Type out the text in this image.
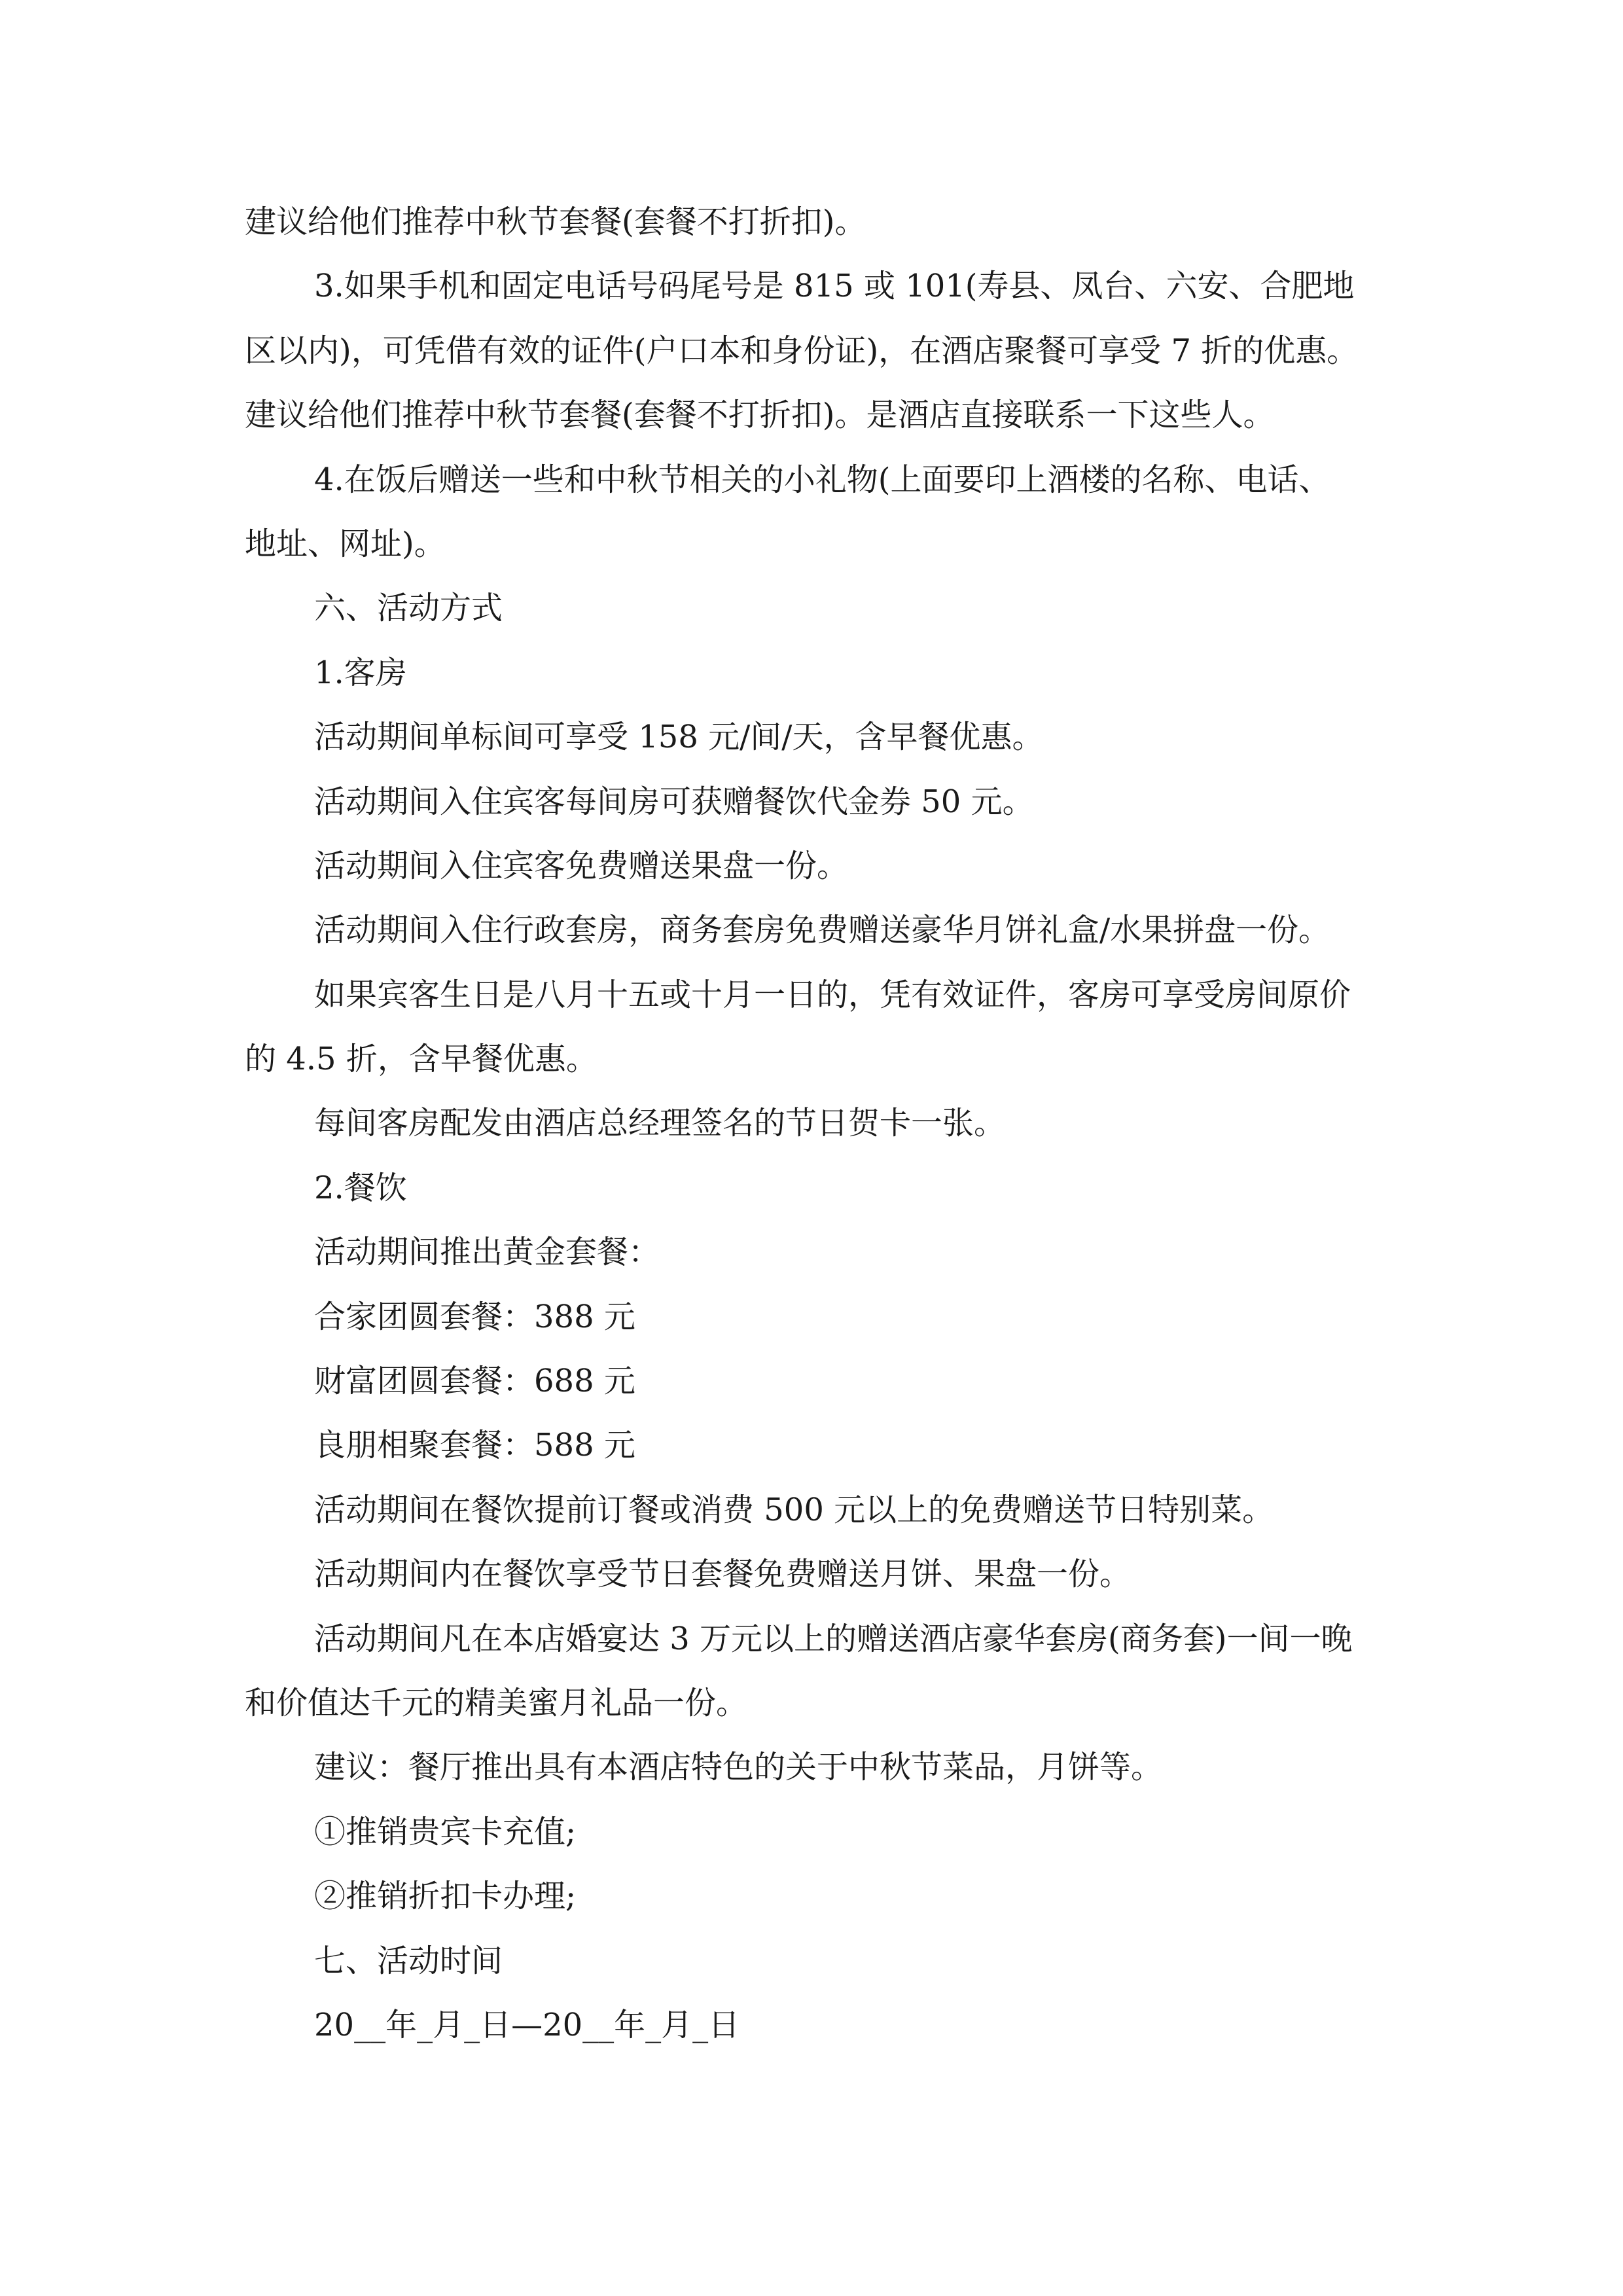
建议给他们推荐中秋节套餐(套餐不打折扣)。

3.如果手机和固定电话号码尾号是 815 或 101(寿县、凤台、六安、合肥地

区以内)，可凭借有效的证件(户口本和身份证)，在酒店聚餐可享受 7 折的优惠。

建议给他们推荐中秋节套餐(套餐不打折扣)。是酒店直接联系一下这些人。

4.在饭后赠送一些和中秋节相关的小礼物(上面要印上酒楼的名称、电话、

地址、网址)。

六、活动方式

1.客房

活动期间单标间可享受 158 元/间/天，含早餐优惠。

活动期间入住宾客每间房可获赠餐饮代金券 50 元。

活动期间入住宾客免费赠送果盘一份。

活动期间入住行政套房，商务套房免费赠送豪华月饼礼盒/水果拼盘一份。

如果宾客生日是八月十五或十月一日的，凭有效证件，客房可享受房间原价

的 4.5 折，含早餐优惠。

每间客房配发由酒店总经理签名的节日贺卡一张。

2.餐饮

活动期间推出黄金套餐：

合家团圆套餐：388 元

财富团圆套餐：688 元

良朋相聚套餐：588 元

活动期间在餐饮提前订餐或消费 500 元以上的免费赠送节日特别菜。

活动期间内在餐饮享受节日套餐免费赠送月饼、果盘一份。

活动期间凡在本店婚宴达 3 万元以上的赠送酒店豪华套房(商务套)一间一晚

和价值达千元的精美蜜月礼品一份。

建议：餐厅推出具有本酒店特色的关于中秋节菜品，月饼等。

①推销贵宾卡充值;

②推销折扣卡办理;

七、活动时间

20__年_月_日—20__年_月_日
